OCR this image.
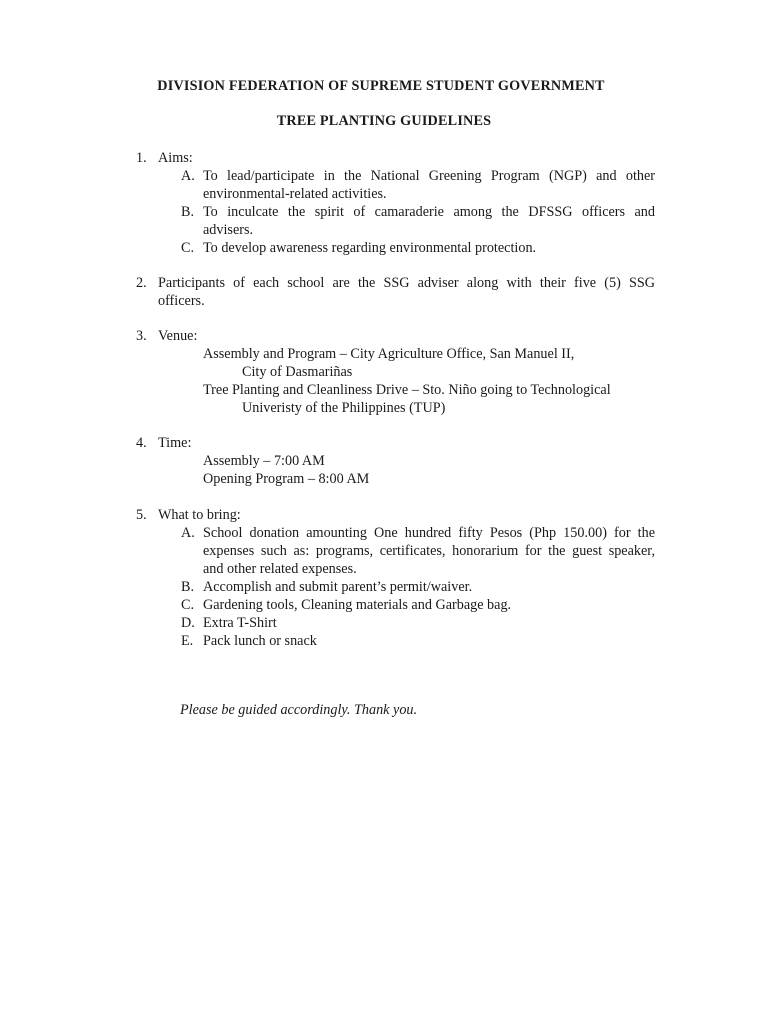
DIVISION FEDERATION OF SUPREME STUDENT GOVERNMENT
TREE PLANTING GUIDELINES
1. Aims:
A. To lead/participate in the National Greening Program (NGP) and other
environmental-related activities.
B. To inculcate the spirit of camaraderie among the DFSSG officers and
advisers.
C. To develop awareness regarding environmental protection.
2. Participants of each school are the SSG adviser along with their five (5) SSG
officers.
3. Venue:
Assembly and Program – City Agriculture Office, San Manuel II,
City of Dasmariñas
Tree Planting and Cleanliness Drive – Sto. Niño going to Technological
Univeristy of the Philippines (TUP)
4. Time:
Assembly – 7:00 AM
Opening Program – 8:00 AM
5. What to bring:
A. School donation amounting One hundred fifty Pesos (Php 150.00) for the
expenses such as: programs, certificates, honorarium for the guest speaker,
and other related expenses.
B. Accomplish and submit parent’s permit/waiver.
C. Gardening tools, Cleaning materials and Garbage bag.
D. Extra T-Shirt
E. Pack lunch or snack
Please be guided accordingly. Thank you.
